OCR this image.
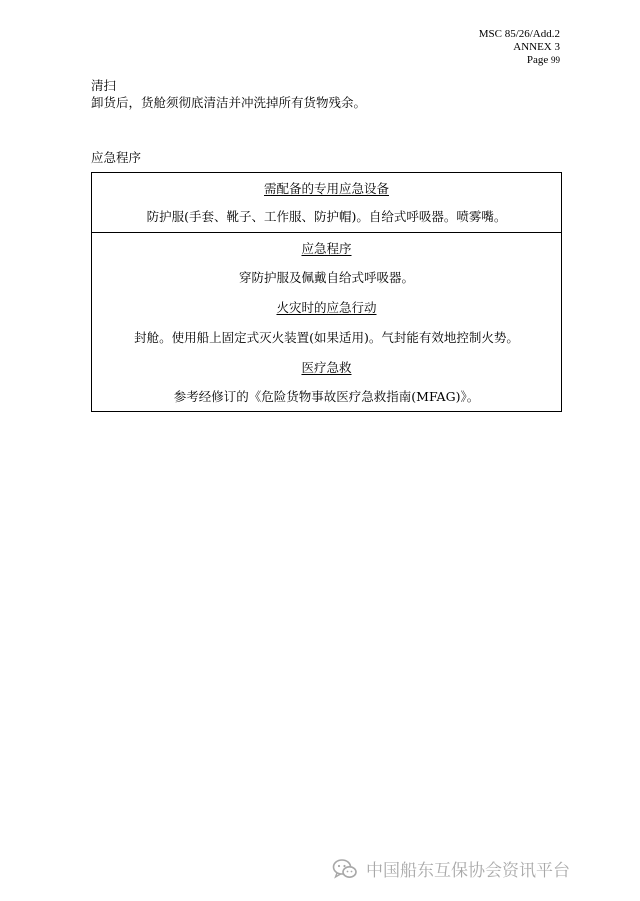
MSC 85/26/Add.2
ANNEX 3
Page 99
清扫
卸货后，货舱须彻底清洁并冲洗掉所有货物残余。
应急程序
需配备的专用应急设备
防护服(手套、靴子、工作服、防护帽)。自给式呼吸器。喷雾嘴。
应急程序
穿防护服及佩戴自给式呼吸器。
火灾时的应急行动
封舱。使用船上固定式灭火装置(如果适用)。气封能有效地控制火势。
医疗急救
参考经修订的《危险货物事故医疗急救指南(MFAG)》。
中国船东互保协会资讯平台
